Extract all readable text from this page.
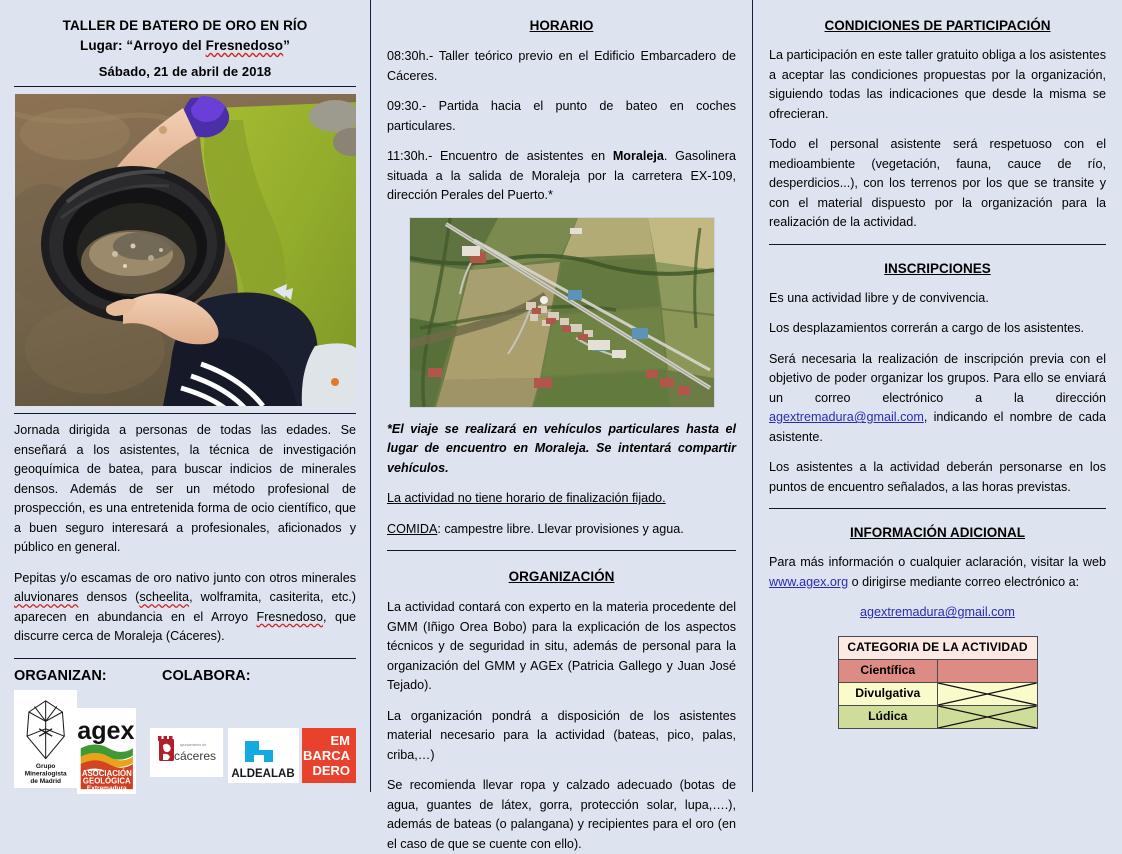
TALLER DE BATERO DE ORO EN RÍO
Lugar: “Arroyo del Fresnedoso”
Sábado, 21 de abril de 2018

Jornada dirigida a personas de todas las edades. Se enseñará a los asistentes, la técnica de investigación geoquímica de batea, para buscar indicios de minerales densos. Además de ser un método profesional de prospección, es una entretenida forma de ocio científico, que a buen seguro interesará a profesionales, aficionados y público en general.

Pepitas y/o escamas de oro nativo junto con otros minerales aluvionares densos (scheelita, wolframita, casiterita, etc.) aparecen en abundancia en el Arroyo Fresnedoso, que discurre cerca de Moraleja (Cáceres).

ORGANIZAN:	COLABORA:
Grupo
Mineralogista
de Madrid
agex
ASOCIACIÓN
GEOLÓGICA
Extremadura
ayuntamiento de
cáceres
ALDEALAB
EM
BARCA
DERO
HORARIO

08:30h.- Taller teórico previo en el Edificio Embarcadero de Cáceres.

09:30.- Partida hacia el punto de bateo en coches particulares.

11:30h.- Encuentro de asistentes en Moraleja. Gasolinera situada a la salida de Moraleja por la carretera EX-109, dirección Perales del Puerto.*

*El viaje se realizará en vehículos particulares hasta el lugar de encuentro en Moraleja. Se intentará compartir vehículos.

La actividad no tiene horario de finalización fijado.

COMIDA: campestre libre. Llevar provisiones y agua.

ORGANIZACIÓN

La actividad contará con experto en la materia procedente del GMM (Iñigo Orea Bobo) para la explicación de los aspectos técnicos y de seguridad in situ, además de personal para la organización del GMM y AGEx (Patricia Gallego y Juan José Tejado).

La organización pondrá a disposición de los asistentes material necesario para la actividad (bateas, pico, palas, criba,…)

Se recomienda llevar ropa y calzado adecuado (botas de agua, guantes de látex, gorra, protección solar, lupa,….), además de bateas (o palangana) y recipientes para el oro (en el caso de que se cuente con ello).

CONDICIONES DE PARTICIPACIÓN

La participación en este taller gratuito obliga a los asistentes a aceptar las condiciones propuestas por la organización, siguiendo todas las indicaciones que desde la misma se ofrecieran.

Todo el personal asistente será respetuoso con el medioambiente (vegetación, fauna, cauce de río, desperdicios...), con los terrenos por los que se transite y con el material dispuesto por la organización para la realización de la actividad.

INSCRIPCIONES

Es una actividad libre y de convivencia.

Los desplazamientos correrán a cargo de los asistentes.

Será necesaria la realización de inscripción previa con el objetivo de poder organizar los grupos. Para ello se enviará un correo electrónico a la dirección agextremadura@gmail.com, indicando el nombre de cada asistente.

Los asistentes a la actividad deberán personarse en los puntos de encuentro señalados, a las horas previstas.

INFORMACIÓN ADICIONAL

Para más información o cualquier aclaración, visitar la web www.agex.org o dirigirse mediante correo electrónico a:

agextremadura@gmail.com

CATEGORIA DE LA ACTIVIDAD	
Científica	
Divulgativa	

Lúdica	
